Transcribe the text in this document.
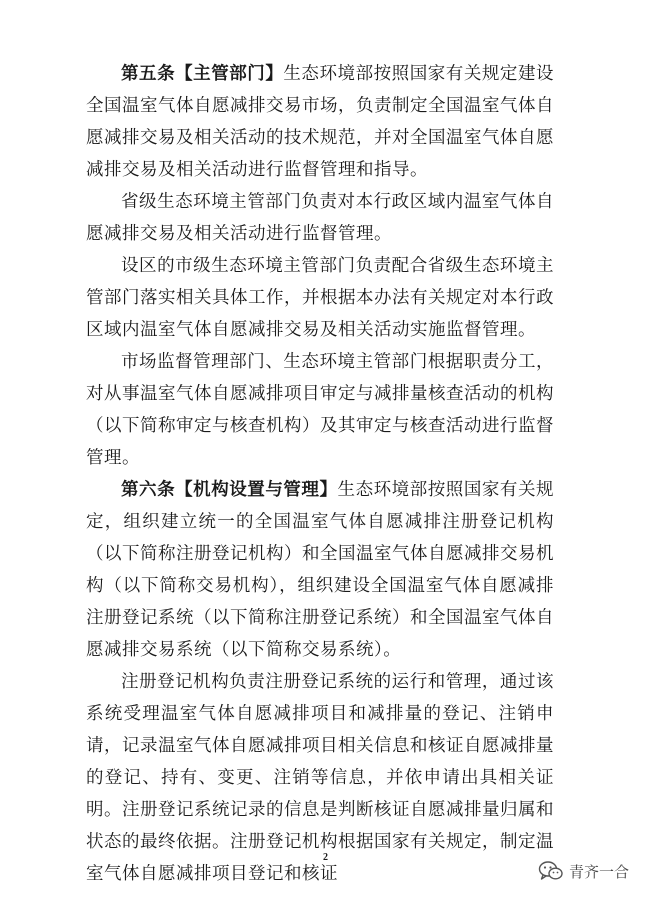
第五条【主管部门】生态环境部按照国家有关规定建设全国温室气体自愿减排交易市场，负责制定全国温室气体自愿减排交易及相关活动的技术规范，并对全国温室气体自愿减排交易及相关活动进行监督管理和指导。

省级生态环境主管部门负责对本行政区域内温室气体自愿减排交易及相关活动进行监督管理。

设区的市级生态环境主管部门负责配合省级生态环境主管部门落实相关具体工作，并根据本办法有关规定对本行政区域内温室气体自愿减排交易及相关活动实施监督管理。

市场监督管理部门、生态环境主管部门根据职责分工，对从事温室气体自愿减排项目审定与减排量核查活动的机构（以下简称审定与核查机构）及其审定与核查活动进行监督管理。

第六条【机构设置与管理】生态环境部按照国家有关规定，组织建立统一的全国温室气体自愿减排注册登记机构（以下简称注册登记机构）和全国温室气体自愿减排交易机构（以下简称交易机构），组织建设全国温室气体自愿减排注册登记系统（以下简称注册登记系统）和全国温室气体自愿减排交易系统（以下简称交易系统）。

注册登记机构负责注册登记系统的运行和管理，通过该系统受理温室气体自愿减排项目和减排量的登记、注销申请，记录温室气体自愿减排项目相关信息和核证自愿减排量的登记、持有、变更、注销等信息，并依申请出具相关证明。注册登记系统记录的信息是判断核证自愿减排量归属和状态的最终依据。注册登记机构根据国家有关规定，制定温室气体自愿减排项目登记和核证

2
青齐一合
